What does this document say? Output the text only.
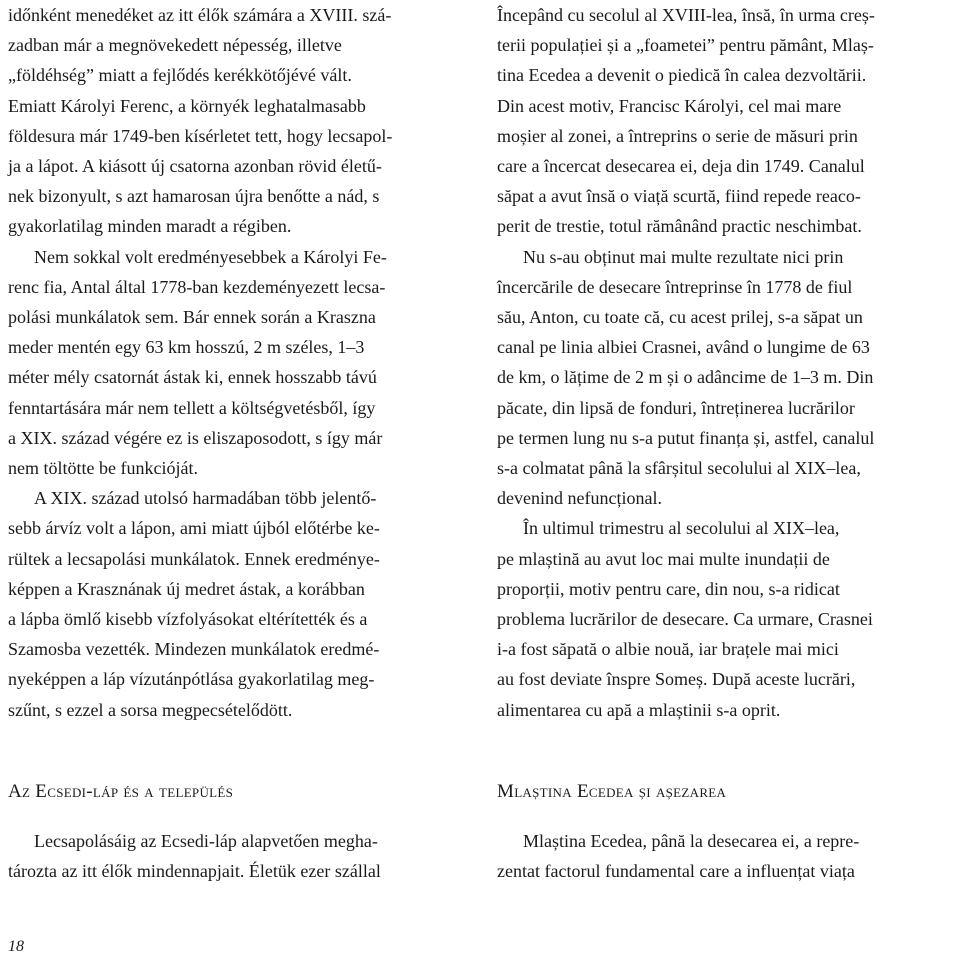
időnként menedéket az itt élők számára a XVIII. szá-
zadban már a megnövekedett népesség, illetve
„földéhség” miatt a fejlődés kerékkötőjévé vált.
Emiatt Károlyi Ferenc, a környék leghatalmasabb
földesura már 1749-ben kísérletet tett, hogy lecsapol-
ja a lápot. A kiásott új csatorna azonban rövid életű-
nek bizonyult, s azt hamarosan újra benőtte a nád, s
gyakorlatilag minden maradt a régiben.
Nem sokkal volt eredményesebbek a Károlyi Fe-
renc fia, Antal által 1778-ban kezdeményezett lecsa-
polási munkálatok sem. Bár ennek során a Kraszna
meder mentén egy 63 km hosszú, 2 m széles, 1–3
méter mély csatornát ástak ki, ennek hosszabb távú
fenntartására már nem tellett a költségvetésből, így
a XIX. század végére ez is eliszaposodott, s így már
nem töltötte be funkcióját.
A XIX. század utolsó harmadában több jelentő-
sebb árvíz volt a lápon, ami miatt újból előtérbe ke-
rültek a lecsapolási munkálatok. Ennek eredménye-
képpen a Krasznának új medret ástak, a korábban
a lápba ömlő kisebb vízfolyásokat eltérítették és a
Szamosba vezették. Mindezen munkálatok eredmé-
nyeképpen a láp vízutánpótlása gyakorlatilag meg-
szűnt, s ezzel a sorsa megpecsételődött.
Începând cu secolul al XVIII-lea, însă, în urma creș-
terii populației și a „foametei” pentru pământ, Mlaș-
tina Ecedea a devenit o piedică în calea dezvoltării.
Din acest motiv, Francisc Károlyi, cel mai mare
moșier al zonei, a întreprins o serie de măsuri prin
care a încercat desecarea ei, deja din 1749. Canalul
săpat a avut însă o viață scurtă, fiind repede reaco-
perit de trestie, totul rămânând practic neschimbat.
Nu s-au obținut mai multe rezultate nici prin
încercările de desecare întreprinse în 1778 de fiul
său, Anton, cu toate că, cu acest prilej, s-a săpat un
canal pe linia albiei Crasnei, având o lungime de 63
de km, o lățime de 2 m și o adâncime de 1–3 m. Din
păcate, din lipsă de fonduri, întreținerea lucrărilor
pe termen lung nu s-a putut finanța și, astfel, canalul
s-a colmatat până la sfârșitul secolului al XIX–lea,
devenind nefuncțional.
În ultimul trimestru al secolului al XIX–lea,
pe mlaștină au avut loc mai multe inundații de
proporții, motiv pentru care, din nou, s-a ridicat
problema lucrărilor de desecare. Ca urmare, Crasnei
i-a fost săpată o albie nouă, iar brațele mai mici
au fost deviate înspre Someș. După aceste lucrări,
alimentarea cu apă a mlaștinii s-a oprit.
Az Ecsedi-láp és a település	Mlaștina Ecedea și așezarea
Lecsapolásáig az Ecsedi-láp alapvetően megha-
tározta az itt élők mindennapjait. Életük ezer szállal
Mlaștina Ecedea, până la desecarea ei, a repre-
zentat factorul fundamental care a influențat viața
18
